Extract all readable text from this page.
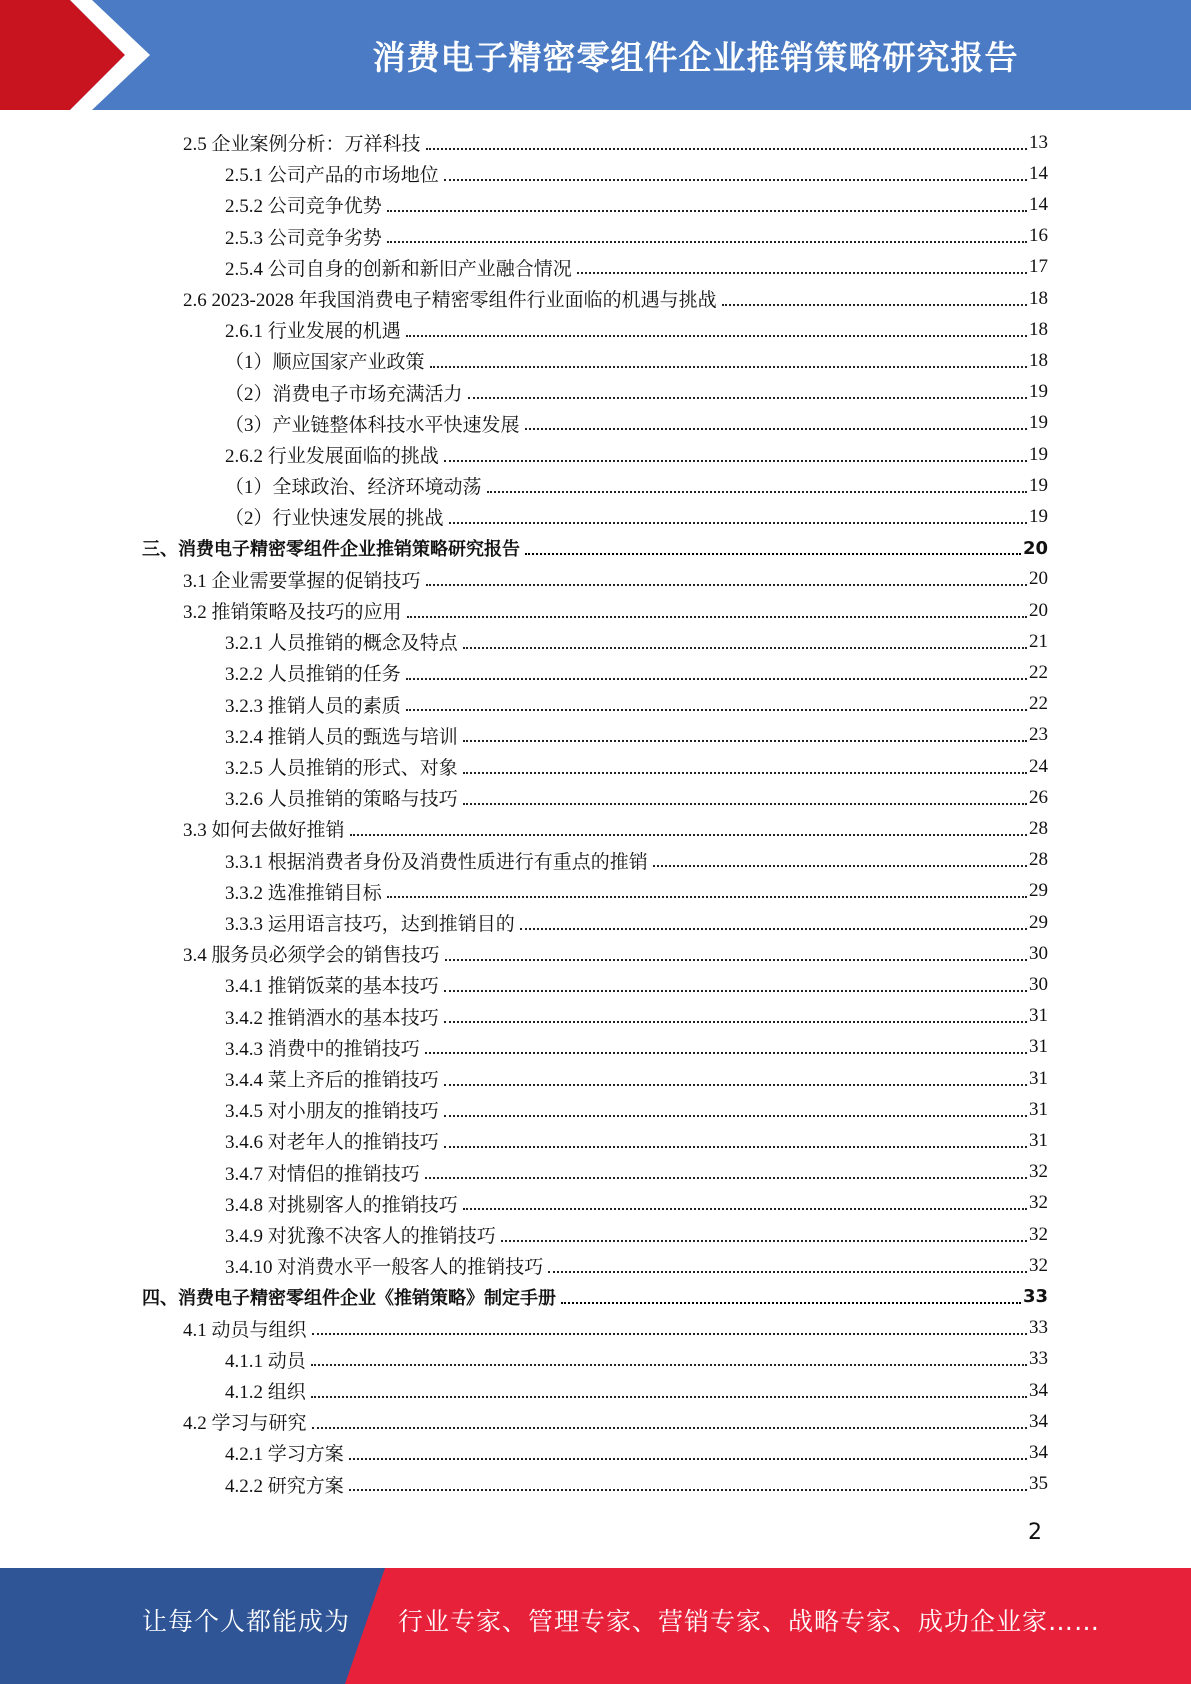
消费电子精密零组件企业推销策略研究报告
2.5 企业案例分析：万祥科技	13
2.5.1 公司产品的市场地位	14
2.5.2 公司竞争优势	14
2.5.3 公司竞争劣势	16
2.5.4 公司自身的创新和新旧产业融合情况	17
2.6 2023-2028 年我国消费电子精密零组件行业面临的机遇与挑战	18
2.6.1 行业发展的机遇	18
（1）顺应国家产业政策	18
（2）消费电子市场充满活力	19
（3）产业链整体科技水平快速发展	19
2.6.2 行业发展面临的挑战	19
（1）全球政治、经济环境动荡	19
（2）行业快速发展的挑战	19
三、消费电子精密零组件企业推销策略研究报告	20
3.1 企业需要掌握的促销技巧	20
3.2 推销策略及技巧的应用	20
3.2.1 人员推销的概念及特点	21
3.2.2 人员推销的任务	22
3.2.3 推销人员的素质	22
3.2.4 推销人员的甄选与培训	23
3.2.5 人员推销的形式、对象	24
3.2.6 人员推销的策略与技巧	26
3.3 如何去做好推销	28
3.3.1 根据消费者身份及消费性质进行有重点的推销	28
3.3.2 选准推销目标	29
3.3.3 运用语言技巧，达到推销目的	29
3.4 服务员必须学会的销售技巧	30
3.4.1 推销饭菜的基本技巧	30
3.4.2 推销酒水的基本技巧	31
3.4.3 消费中的推销技巧	31
3.4.4 菜上齐后的推销技巧	31
3.4.5 对小朋友的推销技巧	31
3.4.6 对老年人的推销技巧	31
3.4.7 对情侣的推销技巧	32
3.4.8 对挑剔客人的推销技巧	32
3.4.9 对犹豫不决客人的推销技巧	32
3.4.10 对消费水平一般客人的推销技巧	32
四、消费电子精密零组件企业《推销策略》制定手册	33
4.1 动员与组织	33
4.1.1 动员	33
4.1.2 组织	34
4.2 学习与研究	34
4.2.1 学习方案	34
4.2.2 研究方案	35
2
让每个人都能成为 行业专家、管理专家、营销专家、战略专家、成功企业家……
